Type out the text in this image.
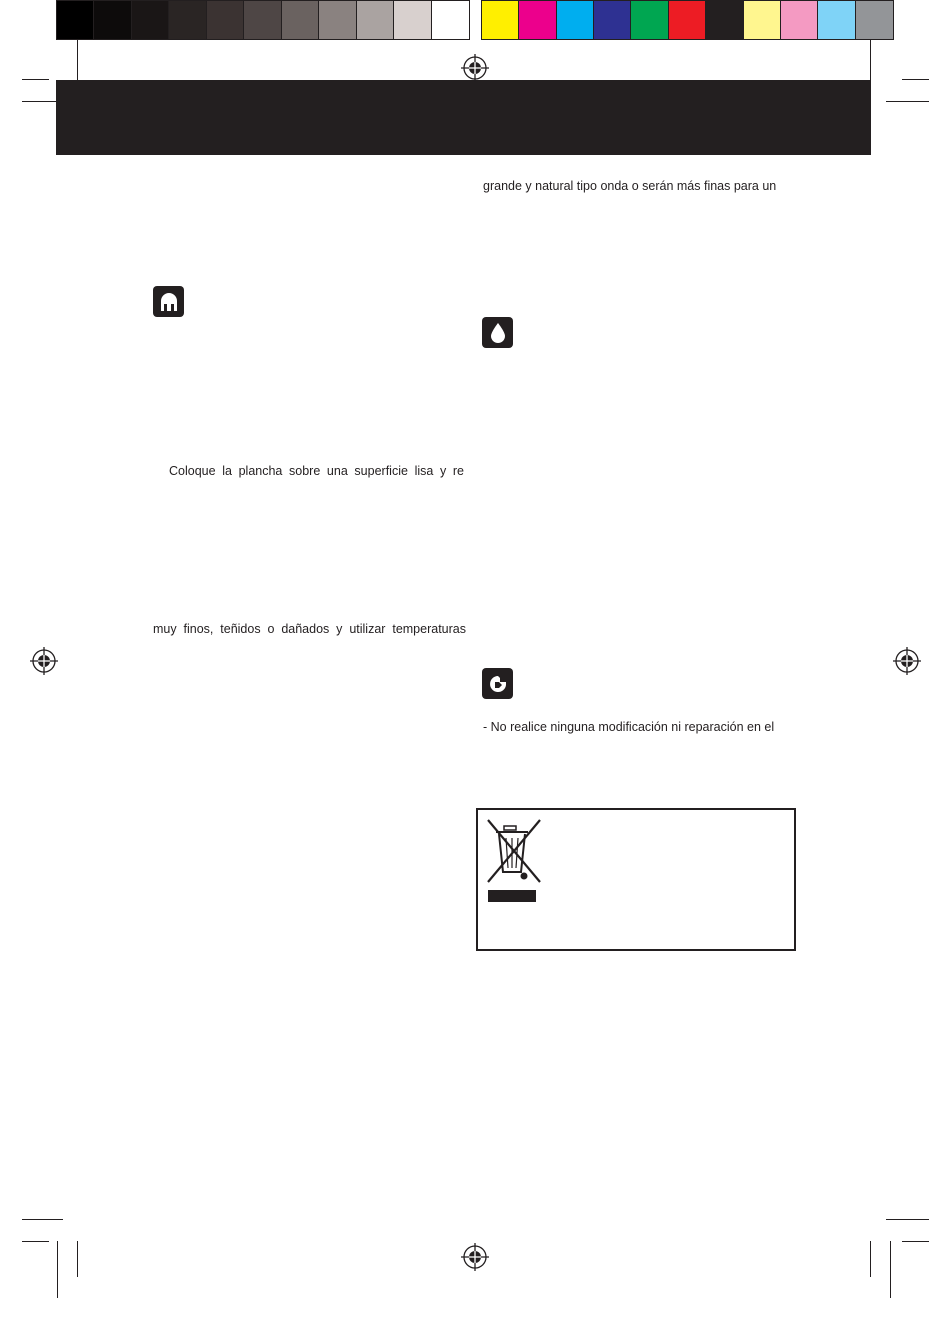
Coloque la plancha sobre una superficie lisa y re
muy finos, teñidos o dañados y utilizar temperaturas
grande y natural tipo onda o serán más finas para un
- No realice ninguna modificación ni reparación en el
